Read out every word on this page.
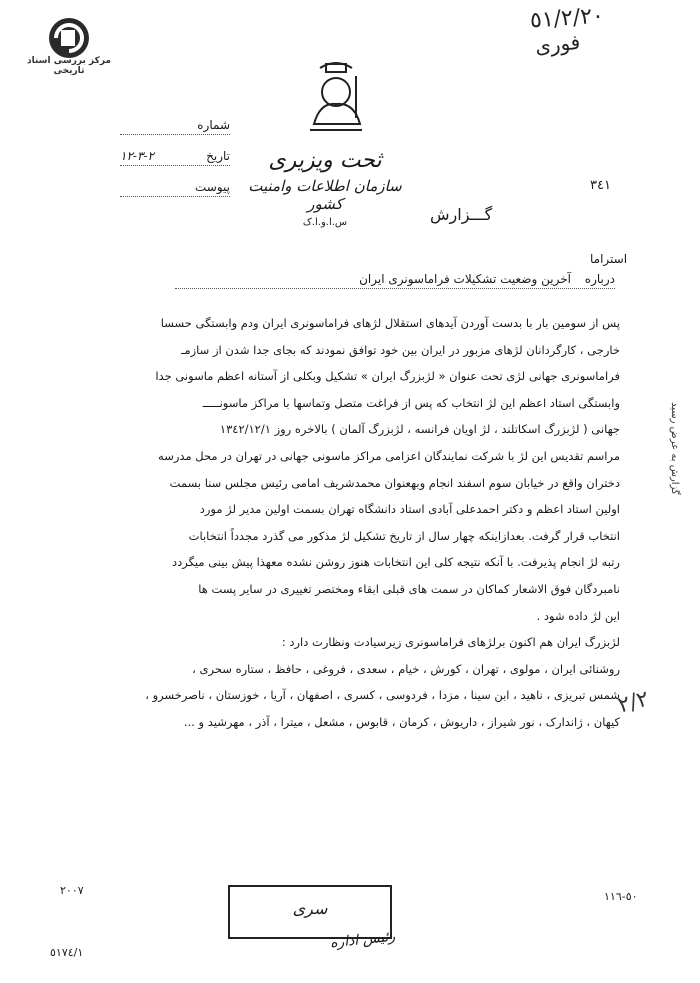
مرکز بررسی اسناد تاریخی
٥١/٢/٢٠
فوری
ثحت ویزیری
سازمان اطلاعات وامنیت کشور
س.ا.و.ا.ک
شماره
تاریخ
٢-٣-١٢
پیوست	٣٤١
گـــزارش
استراما
درباره آخرین وضعیت تشکیلات فراماسونری ایران

پس از سومین بار با بدست آوردن آیدهای استقلال لژهای فراماسونری ایران ودم وابستگی حسسا

خارجی ، کارگردانان لژهای مزبور در ایران بین خود توافق نمودند که بجای جدا شدن از سازمـ

فراماسونری جهانی لژی تحت عنوان « لژبزرگ ایران » تشکیل وبکلی از آستانه اعظم ماسونی جدا

وابستگی استاد اعظم این لژ انتخاب که پس از فراغت متصل وتماسها با مراکز ماسونـــــ

جهانی ( لژبزرگ اسکاتلند ، لژ اویان فرانسه ، لژبزرگ آلمان ) بالاخره روز ١٣٤٢/١٢/١

مراسم تقدیس این لژ با شرکت نمایندگان اعزامی مراکز ماسونی جهانی در تهران در محل مدرسه

دختران واقع در خیابان سوم اسفند انجام وبهعنوان محمدشریف امامی رئیس مجلس سنا بسمت

اولین استاد اعظم و دکتر احمدعلی آبادی استاد دانشگاه تهران بسمت اولین مدیر لژ مورد

انتخاب قرار گرفت. بعدازاینکه چهار سال از تاریخ تشکیل لژ مذکور می گذرد مجدداً انتخابات

رتبه لژ انجام پذیرفت. با آنکه نتیجه کلی این انتخابات هنوز روشن نشده معهذا پیش بینی میگردد

نامبردگان فوق الاشعار کماکان در سمت های قبلی ابقاء ومختصر تغییری در سایر پست ها

این لژ داده شود .

لژبزرگ ایران هم اکنون برلژهای فراماسونری زیرسیادت ونظارت دارد :

روشنائی ایران ، مولوی ، تهران ، کورش ، خیام ، سعدی ، فروغی ، حافظ ، ستاره سحری ،

شمس تبریزی ، ناهید ، ابن سینا ، مزدا ، فردوسی ، کسری ، اصفهان ، آریا ، خوزستان ، ناصرخسرو ،

کیهان ، ژاندارک ، نور شیراز ، داریوش ، کرمان ، قابوس ، مشعل ، میترا ، آذر ، مهرشید و ...

گزارش به عرض رسید
٢/٢
٢٠٠٧	٥٠-١١٦
سری
رئیس اداره
٥١٧٤/١
